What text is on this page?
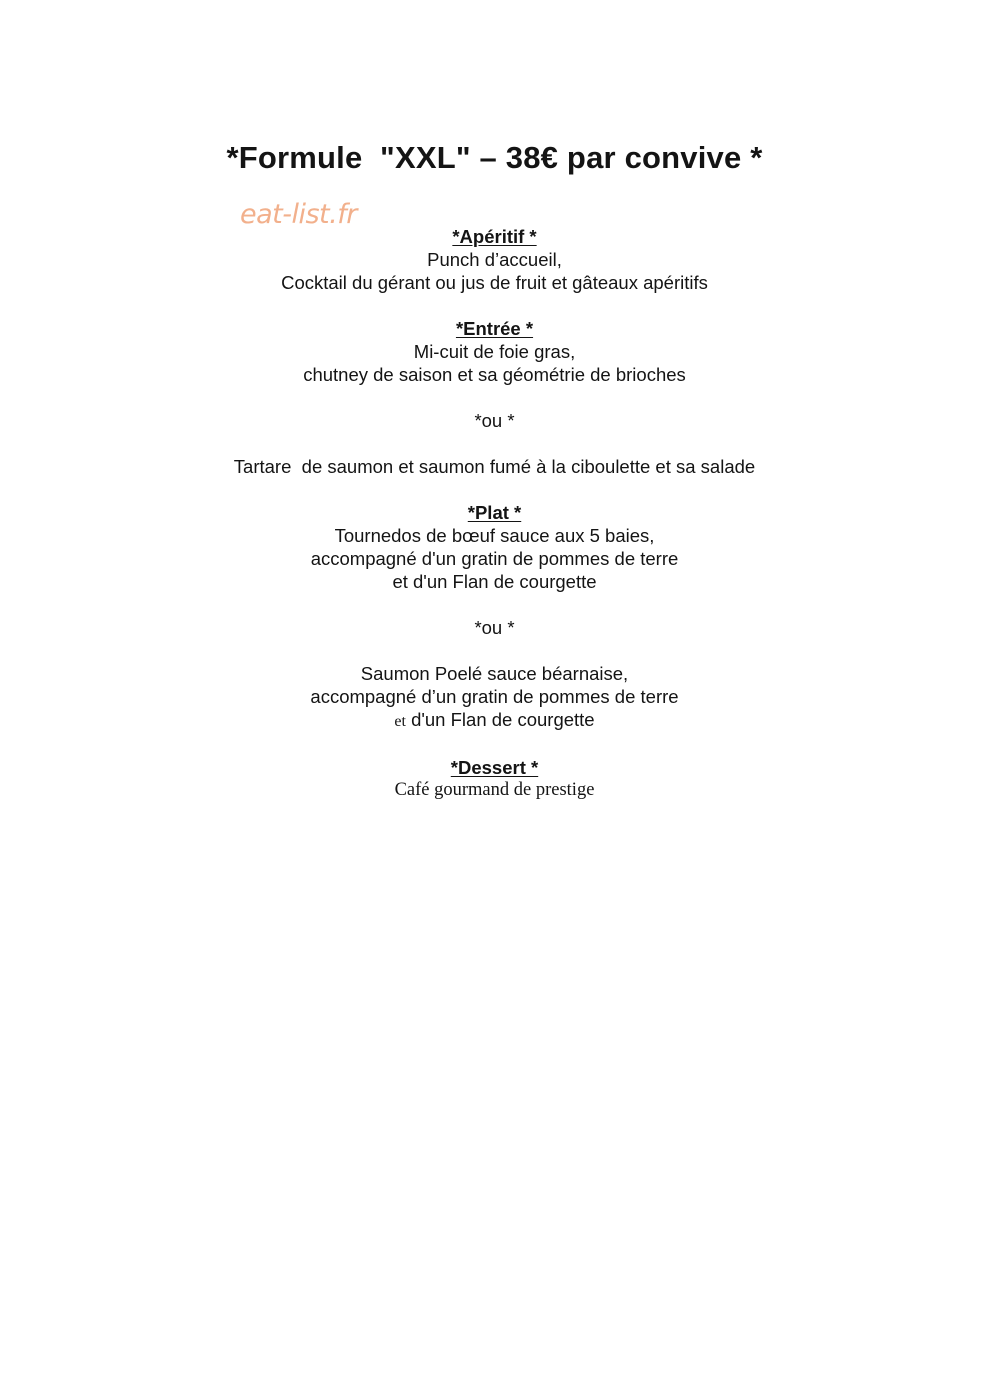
*Formule  "XXL" – 38€ par convive *
eat-list.fr
*Apéritif *
Punch d’accueil,
Cocktail du gérant ou jus de fruit et gâteaux apéritifs
*Entrée *
Mi-cuit de foie gras,
chutney de saison et sa géométrie de brioches
*ou *
Tartare  de saumon et saumon fumé à la ciboulette et sa salade
*Plat *
Tournedos de bœuf sauce aux 5 baies,
accompagné d'un gratin de pommes de terre
et d'un Flan de courgette
*ou *
Saumon Poelé sauce béarnaise,
accompagné d’un gratin de pommes de terre
et d'un Flan de courgette
*Dessert *
Café gourmand de prestige
